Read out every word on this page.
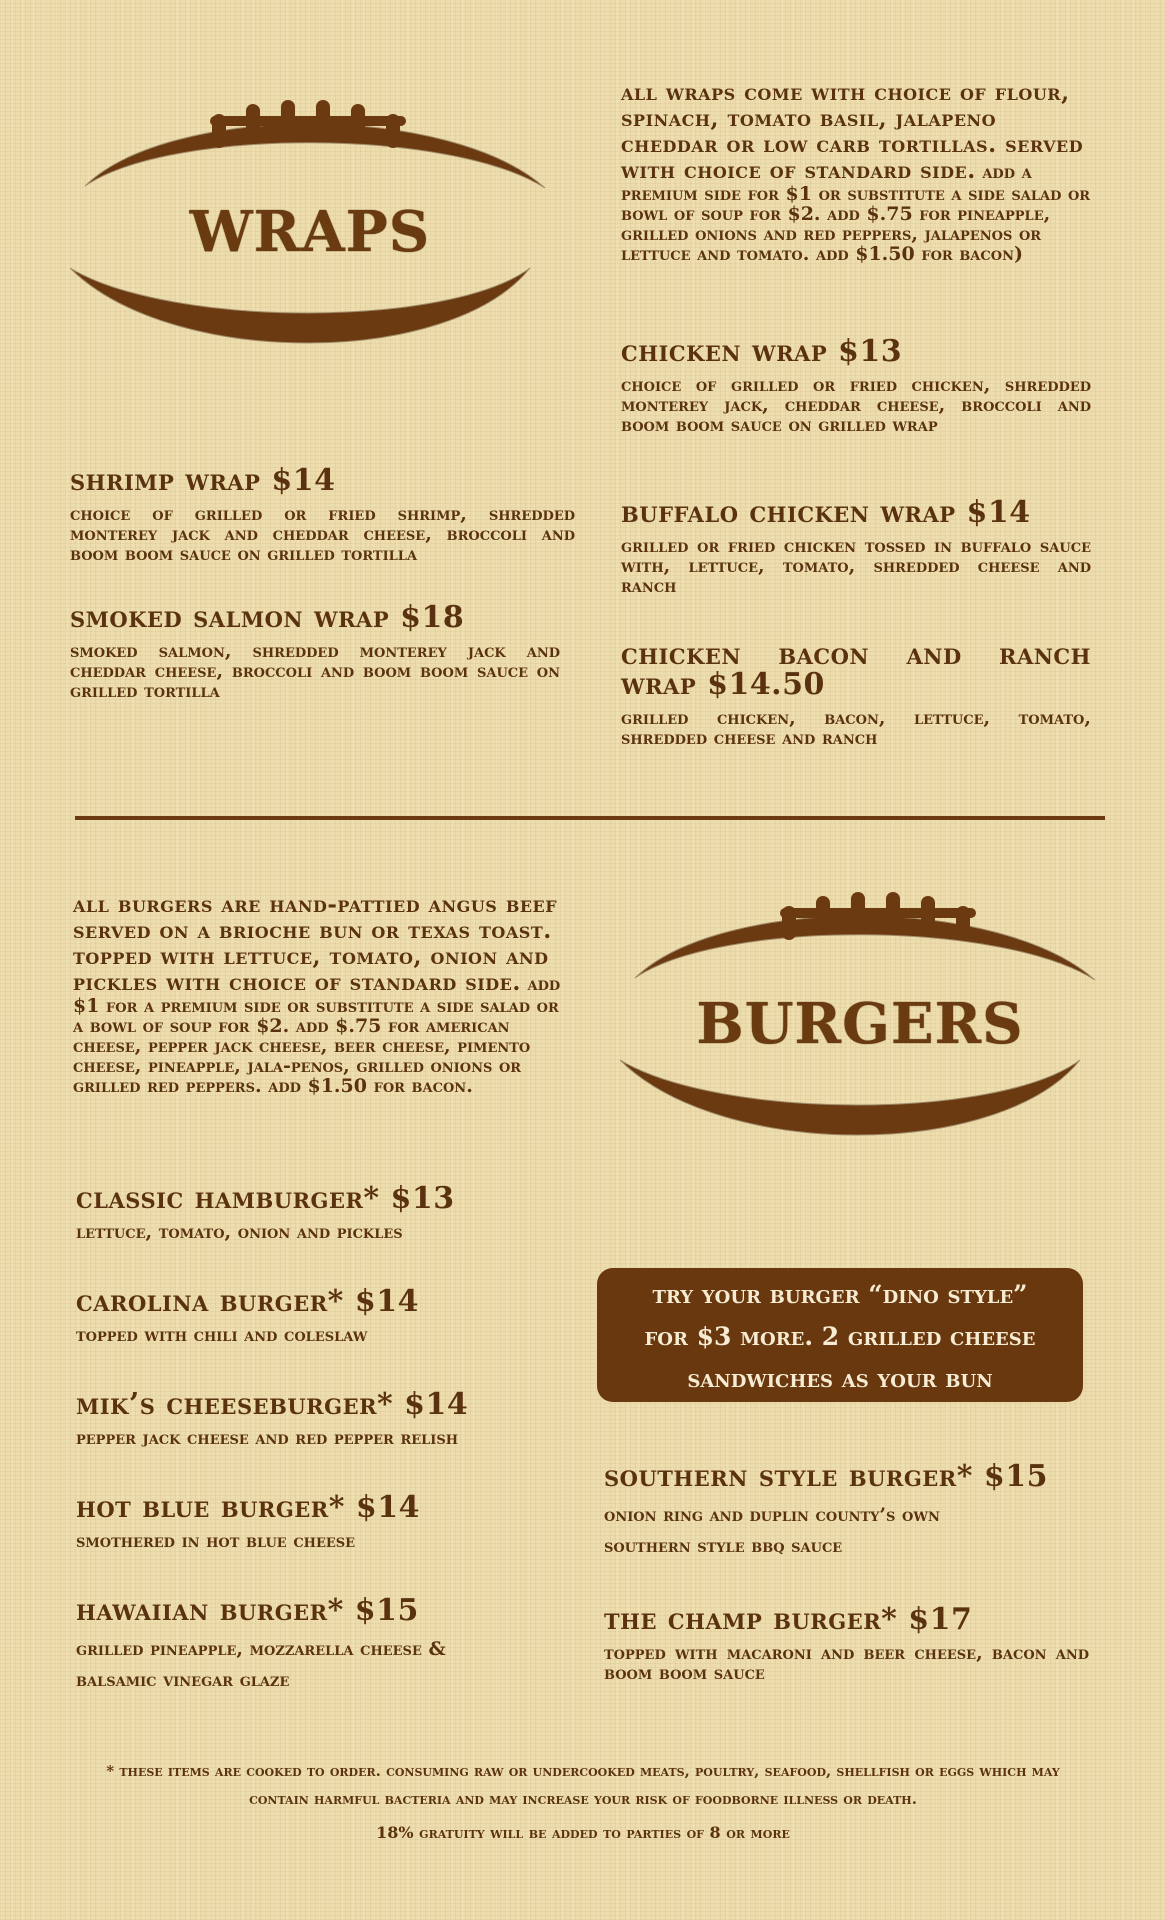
wraps
all wraps come with choice of flour, spinach, tomato basil, jalapeno cheddar or low carb tortillas. served with choice of standard side. add a premium side for $1 or substitute a side salad or bowl of soup for $2. add $.75 for pineapple, grilled onions and red peppers, jalapenos or lettuce and tomato. add $1.50 for bacon)
shrimp wrap $14
choice of grilled or fried shrimp, shredded monterey jack and cheddar cheese, broccoli and boom boom sauce on grilled tortilla
smoked salmon wrap $18
smoked salmon, shredded monterey jack and cheddar cheese, broccoli and boom boom sauce on grilled tortilla
chicken wrap $13
choice of grilled or fried chicken, shredded monterey jack, cheddar cheese, broccoli and boom boom sauce on grilled wrap
buffalo chicken wrap $14
grilled or fried chicken tossed in buffalo sauce with, lettuce, tomato, shredded cheese and ranch
chicken bacon and ranch wrap $14.50
grilled chicken, bacon, lettuce, tomato, shredded cheese and ranch
all burgers are hand-pattied angus beef served on a brioche bun or texas toast. topped with lettuce, tomato, onion and pickles with choice of standard side. add $1 for a premium side or substitute a side salad or a bowl of soup for $2. add $.75 for american cheese, pepper jack cheese, beer cheese, pimento cheese, pineapple, jala-penos, grilled onions or grilled red peppers. add $1.50 for bacon.
burgers
classic hamburger* $13
lettuce, tomato, onion and pickles
carolina burger* $14
topped with chili and coleslaw
mik’s cheeseburger* $14
pepper jack cheese and red pepper relish
hot blue burger* $14
smothered in hot blue cheese
hawaiian burger* $15
grilled pineapple, mozzarella cheese &
balsamic vinegar glaze
try your burger “dino style”
for $3 more. 2 grilled cheese
sandwiches as your bun
southern style burger* $15
onion ring and duplin county’s own
southern style bbq sauce
the champ burger* $17
topped with macaroni and beer cheese, bacon and boom boom sauce
* these items are cooked to order. consuming raw or undercooked meats, poultry, seafood, shellfish or eggs which may
contain harmful bacteria and may increase your risk of foodborne illness or death.
18% gratuity will be added to parties of 8 or more
